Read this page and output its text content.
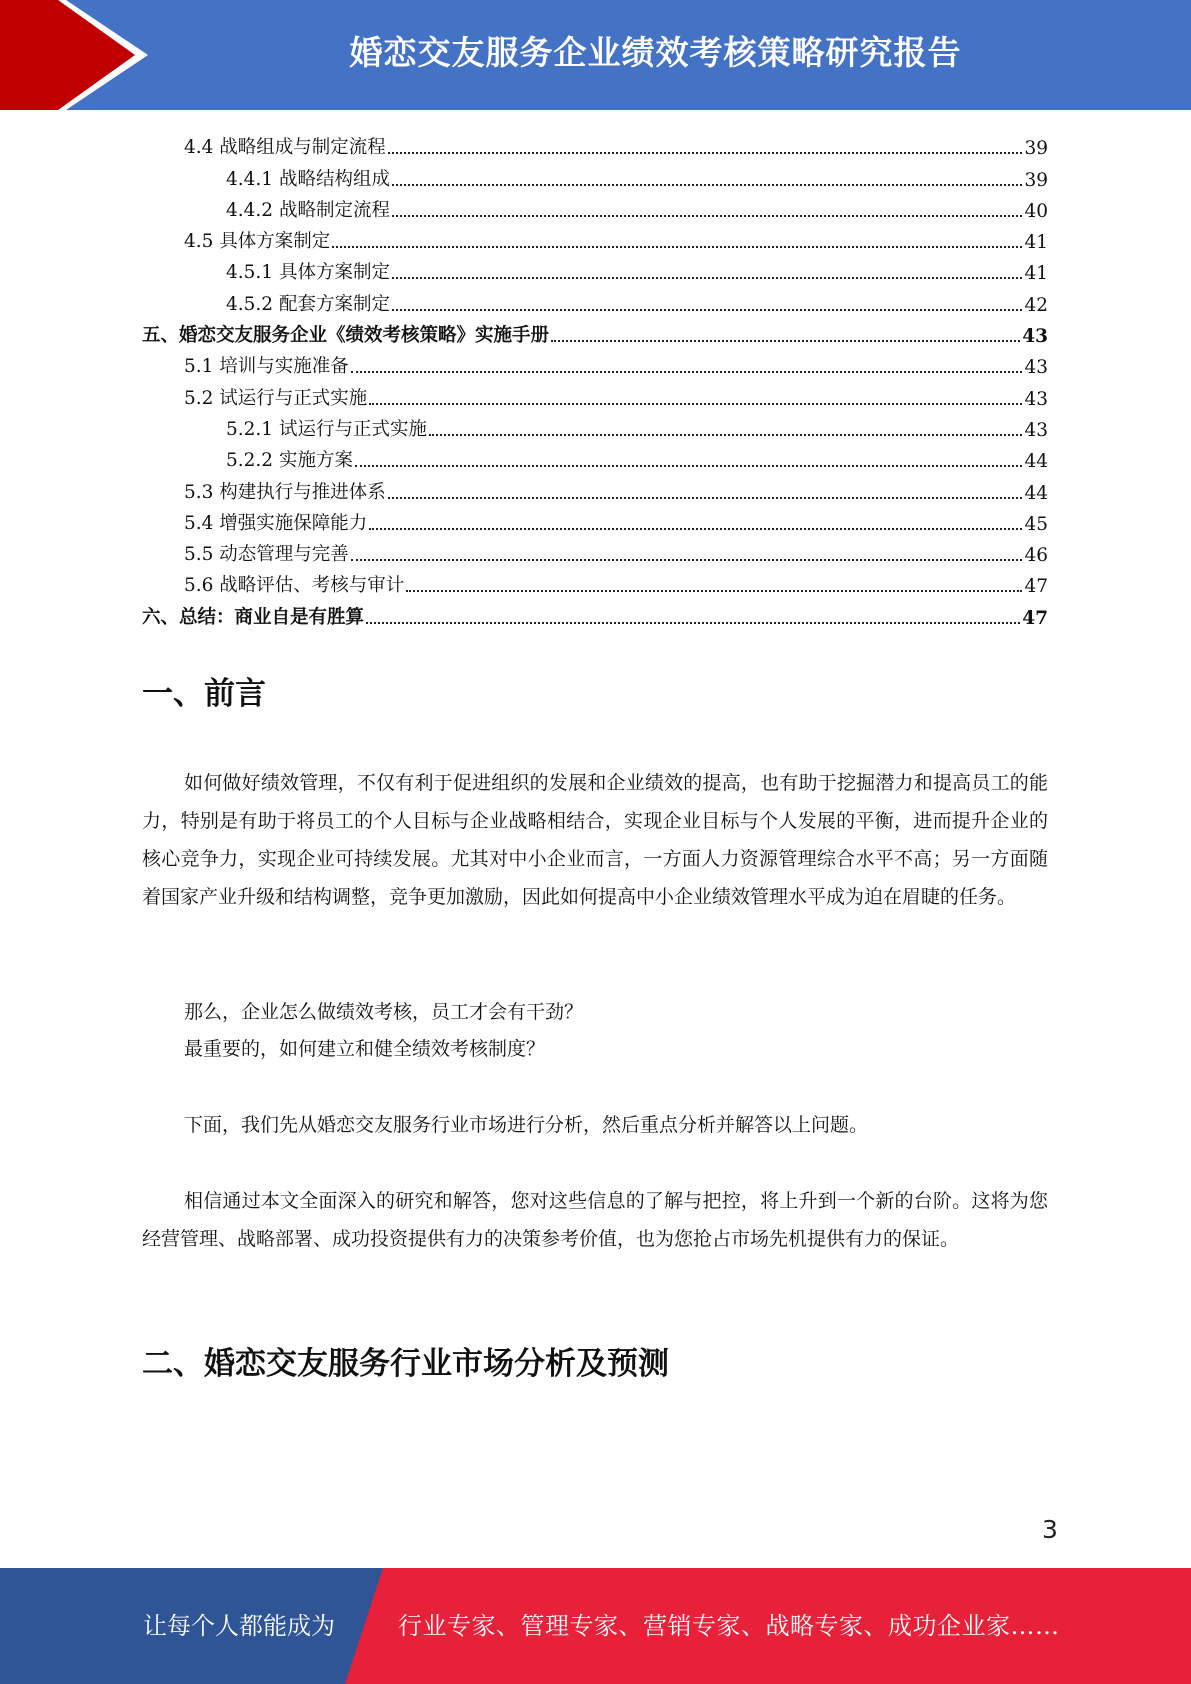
婚恋交友服务企业绩效考核策略研究报告
4.4 战略组成与制定流程	39
4.4.1 战略结构组成	39
4.4.2 战略制定流程	40
4.5 具体方案制定	41
4.5.1 具体方案制定	41
4.5.2 配套方案制定	42
五、婚恋交友服务企业《绩效考核策略》实施手册	43
5.1 培训与实施准备	43
5.2 试运行与正式实施	43
5.2.1 试运行与正式实施	43
5.2.2 实施方案	44
5.3 构建执行与推进体系	44
5.4 增强实施保障能力	45
5.5 动态管理与完善	46
5.6 战略评估、考核与审计	47
六、总结：商业自是有胜算	47
一、前言
如何做好绩效管理，不仅有利于促进组织的发展和企业绩效的提高，也有助于挖掘潜力和提高员工的能力，特别是有助于将员工的个人目标与企业战略相结合，实现企业目标与个人发展的平衡，进而提升企业的核心竞争力，实现企业可持续发展。尤其对中小企业而言，一方面人力资源管理综合水平不高；另一方面随着国家产业升级和结构调整，竞争更加激励，因此如何提高中小企业绩效管理水平成为迫在眉睫的任务。
那么，企业怎么做绩效考核，员工才会有干劲？
最重要的，如何建立和健全绩效考核制度？
下面，我们先从婚恋交友服务行业市场进行分析，然后重点分析并解答以上问题。
相信通过本文全面深入的研究和解答，您对这些信息的了解与把控，将上升到一个新的台阶。这将为您经营管理、战略部署、成功投资提供有力的决策参考价值，也为您抢占市场先机提供有力的保证。
二、婚恋交友服务行业市场分析及预测
3
让每个人都能成为	行业专家、管理专家、营销专家、战略专家、成功企业家……
